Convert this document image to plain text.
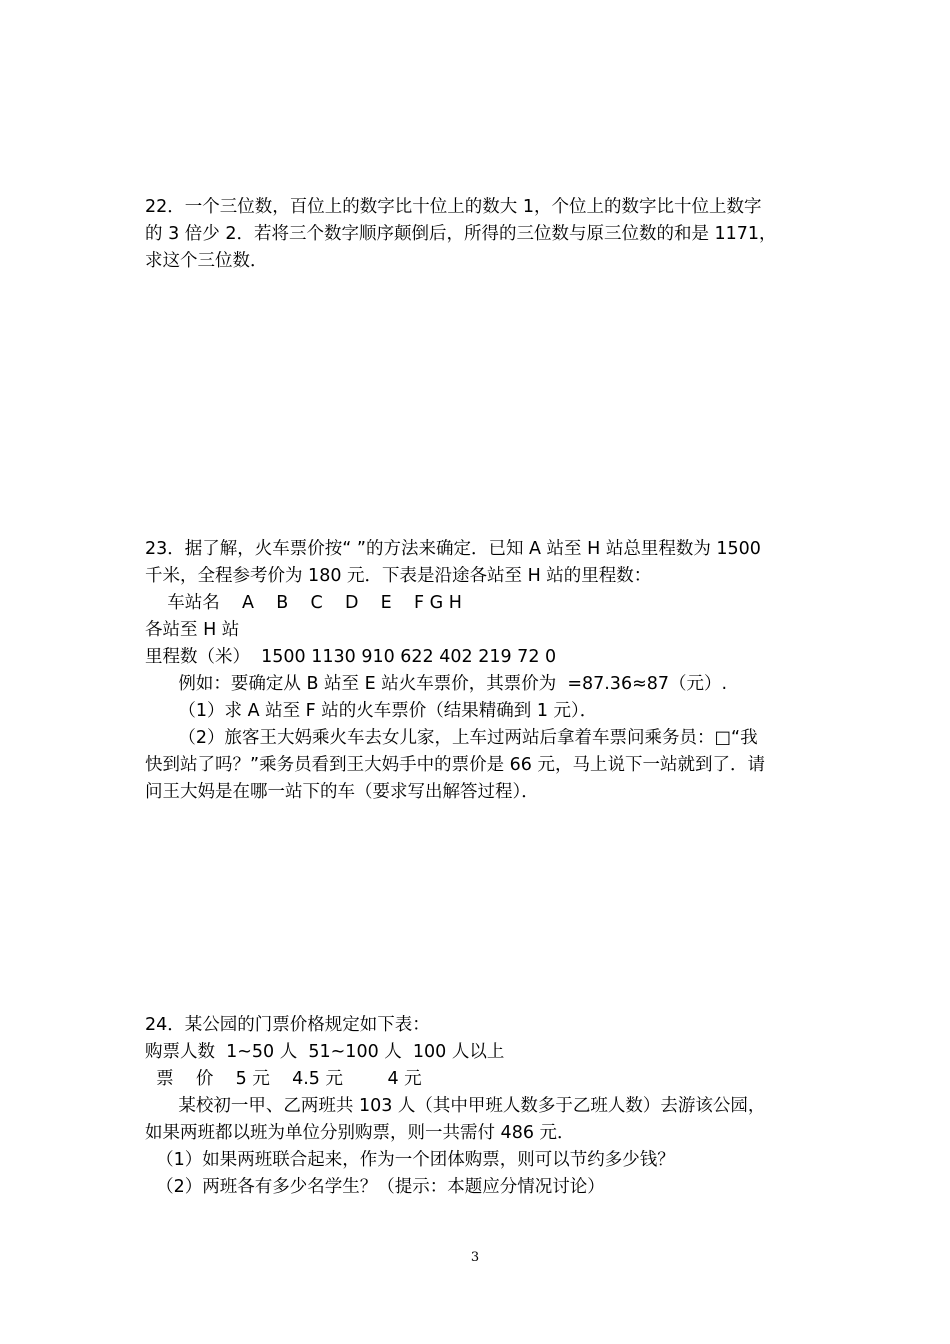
22．一个三位数，百位上的数字比十位上的数大 1，个位上的数字比十位上数字

的 3 倍少 2．若将三个数字顺序颠倒后，所得的三位数与原三位数的和是 1171，

求这个三位数．

23．据了解，火车票价按“ ”的方法来确定．已知 A 站至 H 站总里程数为 1500

千米，全程参考价为 180 元．下表是沿途各站至 H 站的里程数：

车站名    A    B    C    D    E    F G H

各站至 H 站

里程数（米）  1500 1130 910 622 402 219 72 0

例如：要确定从 B 站至 E 站火车票价，其票价为  =87.36≈87（元）.

（1）求 A 站至 F 站的火车票价（结果精确到 1 元）．

（2）旅客王大妈乘火车去女儿家，上车过两站后拿着车票问乘务员：□“我

快到站了吗？”乘务员看到王大妈手中的票价是 66 元，马上说下一站就到了．请

问王大妈是在哪一站下的车（要求写出解答过程）．

24．某公园的门票价格规定如下表：

购票人数  1~50 人  51~100 人  100 人以上

票    价    5 元    4.5 元        4 元

某校初一甲、乙两班共 103 人（其中甲班人数多于乙班人数）去游该公园，

如果两班都以班为单位分别购票，则一共需付 486 元．

（1）如果两班联合起来，作为一个团体购票，则可以节约多少钱？

（2）两班各有多少名学生？（提示：本题应分情况讨论）

3
